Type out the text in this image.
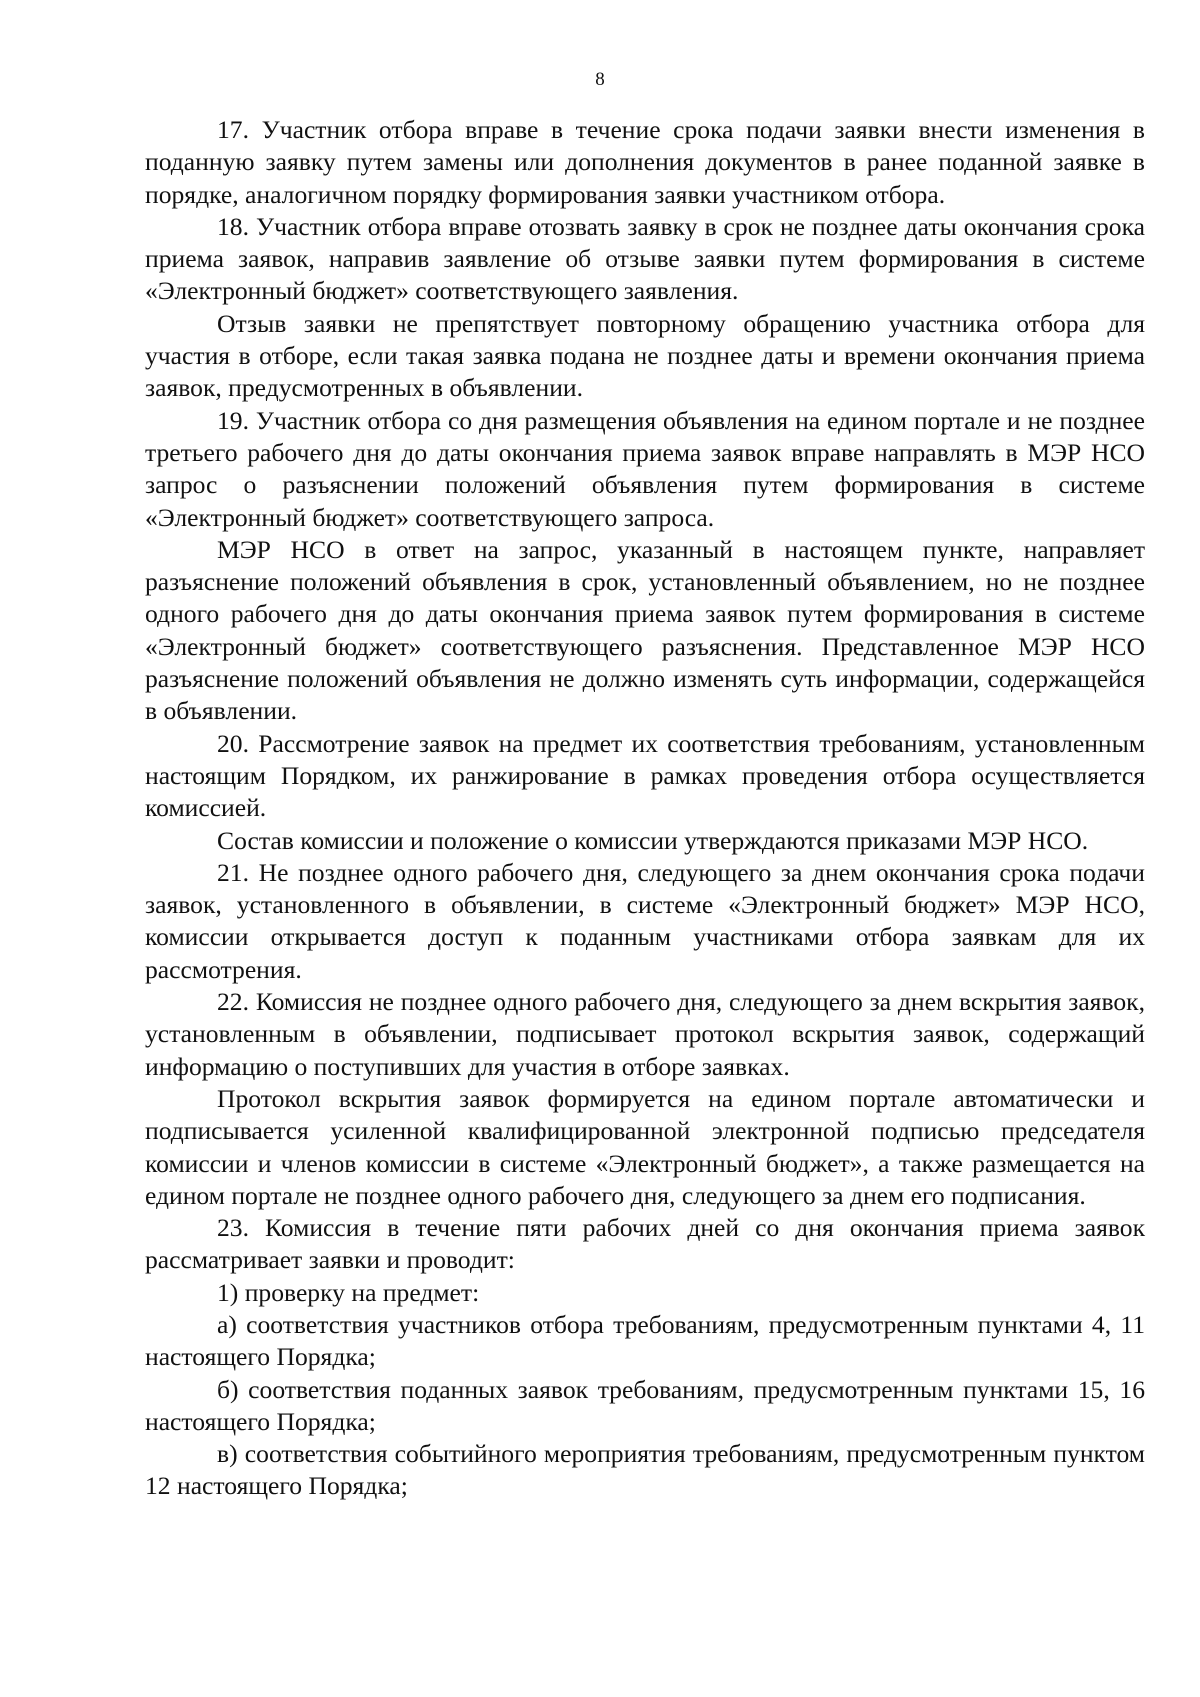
8

17. Участник отбора вправе в течение срока подачи заявки внести изменения в поданную заявку путем замены или дополнения документов в ранее поданной заявке в порядке, аналогичном порядку формирования заявки участником отбора.

18. Участник отбора вправе отозвать заявку в срок не позднее даты окончания срока приема заявок, направив заявление об отзыве заявки путем формирования в системе «Электронный бюджет» соответствующего заявления.

Отзыв заявки не препятствует повторному обращению участника отбора для участия в отборе, если такая заявка подана не позднее даты и времени окончания приема заявок, предусмотренных в объявлении.

19. Участник отбора со дня размещения объявления на едином портале и не позднее третьего рабочего дня до даты окончания приема заявок вправе направлять в МЭР НСО запрос о разъяснении положений объявления путем формирования в системе «Электронный бюджет» соответствующего запроса.

МЭР НСО в ответ на запрос, указанный в настоящем пункте, направляет разъяснение положений объявления в срок, установленный объявлением, но не позднее одного рабочего дня до даты окончания приема заявок путем формирования в системе «Электронный бюджет» соответствующего разъяснения. Представленное МЭР НСО разъяснение положений объявления не должно изменять суть информации, содержащейся в объявлении.

20. Рассмотрение заявок на предмет их соответствия требованиям, установленным настоящим Порядком, их ранжирование в рамках проведения отбора осуществляется комиссией.

Состав комиссии и положение о комиссии утверждаются приказами МЭР НСО.

21. Не позднее одного рабочего дня, следующего за днем окончания срока подачи заявок, установленного в объявлении, в системе «Электронный бюджет» МЭР НСО, комиссии открывается доступ к поданным участниками отбора заявкам для их рассмотрения.

22. Комиссия не позднее одного рабочего дня, следующего за днем вскрытия заявок, установленным в объявлении, подписывает протокол вскрытия заявок, содержащий информацию о поступивших для участия в отборе заявках.

Протокол вскрытия заявок формируется на едином портале автоматически и подписывается усиленной квалифицированной электронной подписью председателя комиссии и членов комиссии в системе «Электронный бюджет», а также размещается на едином портале не позднее одного рабочего дня, следующего за днем его подписания.

23. Комиссия в течение пяти рабочих дней со дня окончания приема заявок рассматривает заявки и проводит:

1) проверку на предмет:

а) соответствия участников отбора требованиям, предусмотренным пунктами 4, 11 настоящего Порядка;

б) соответствия поданных заявок требованиям, предусмотренным пунктами 15, 16 настоящего Порядка;

в) соответствия событийного мероприятия требованиям, предусмотренным пунктом 12 настоящего Порядка;
